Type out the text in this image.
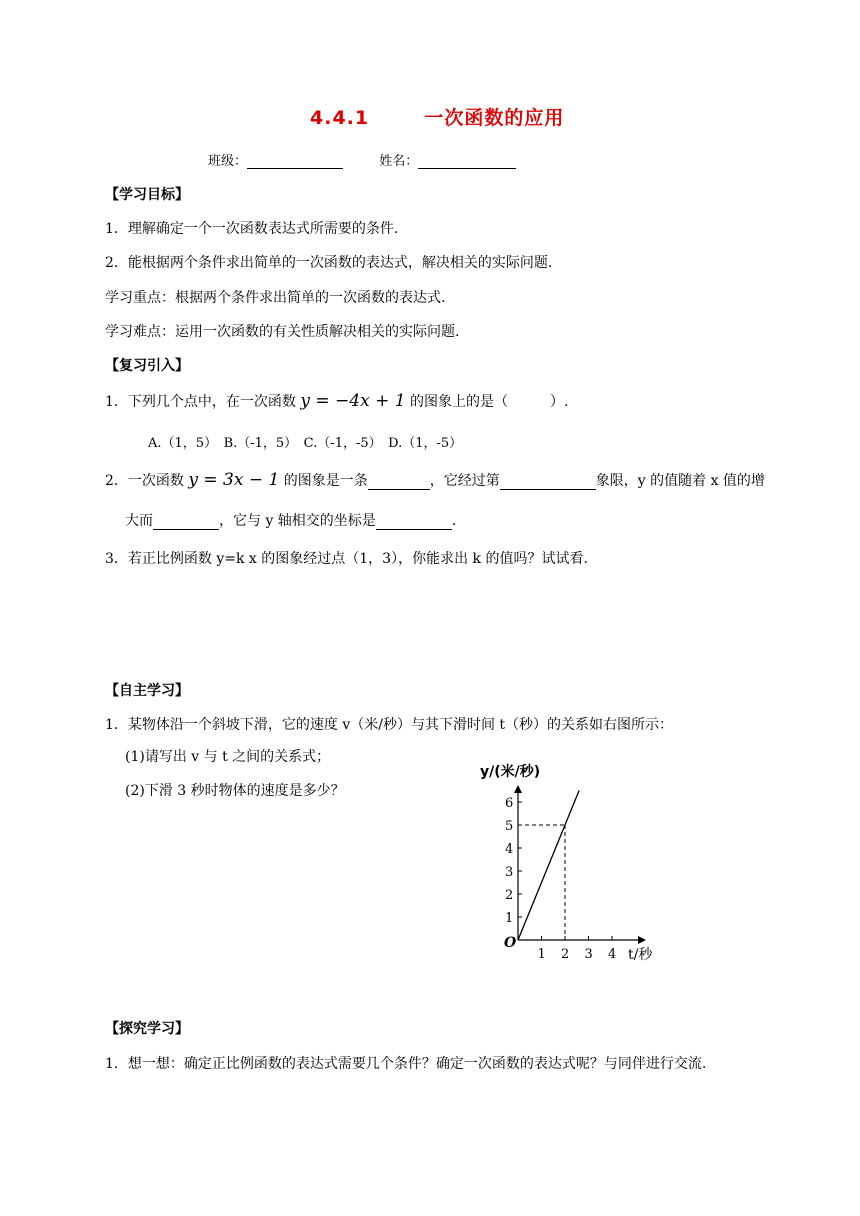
4.4.1	一次函数的应用
班级：	姓名：
【学习目标】
1．理解确定一个一次函数表达式所需要的条件.
2．能根据两个条件求出简单的一次函数的表达式，解决相关的实际问题.
学习重点：根据两个条件求出简单的一次函数的表达式.
学习难点：运用一次函数的有关性质解决相关的实际问题.
【复习引入】
1．下列几个点中，在一次函数 y = −4x + 1 的图象上的是（　　　）.
A.（1，5）　B.（-1，5）　C.（-1，-5）　D.（1，-5）
2．一次函数 y = 3x − 1 的图象是一条	，它经过第	象限，y 的值随着 x 值的增
大而	，它与 y 轴相交的坐标是	.
3．若正比例函数 y=k x 的图象经过点（1，3），你能求出 k 的值吗？试试看.
【自主学习】
1．某物体沿一个斜坡下滑，它的速度 v（米/秒）与其下滑时间 t（秒）的关系如右图所示：
(1)请写出 v 与 t 之间的关系式；
(2)下滑 3 秒时物体的速度是多少？
y/(米/秒)
O
1
2
3
4
5
6
1 2 3 4 t/秒
【探究学习】
1．想一想：确定正比例函数的表达式需要几个条件？确定一次函数的表达式呢？与同伴进行交流.
